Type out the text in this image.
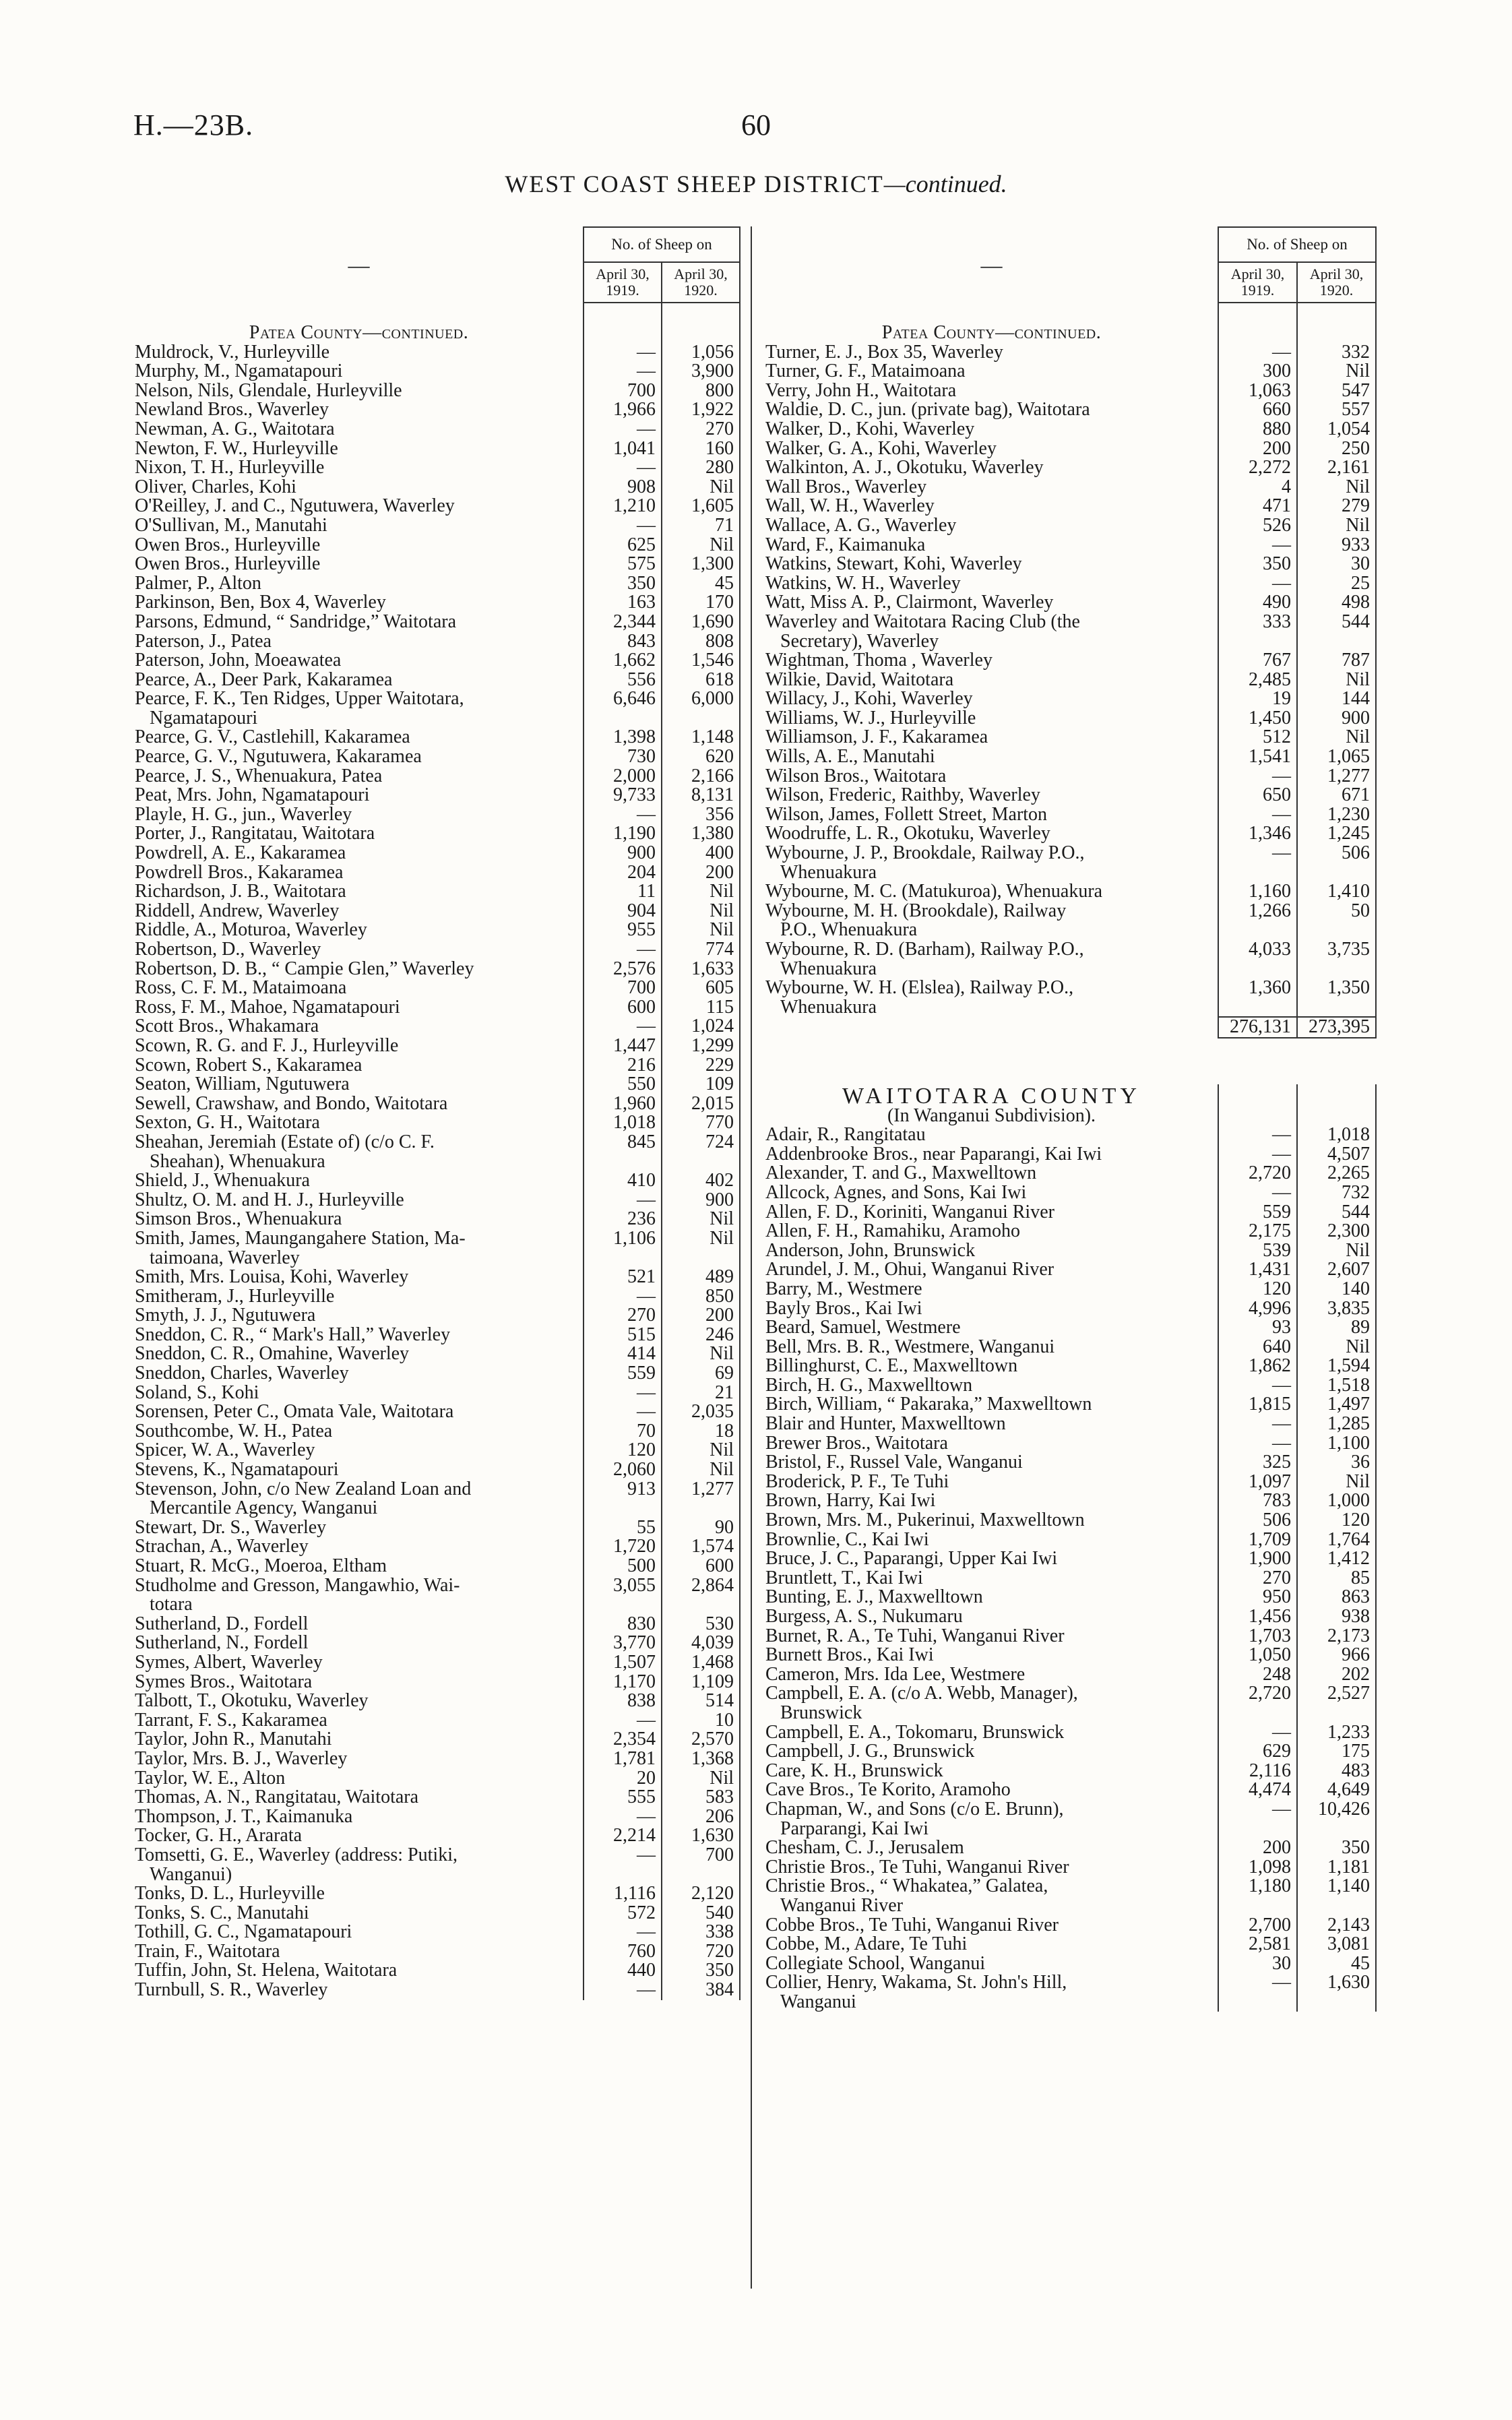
H.—23B.	60
WEST COAST SHEEP DISTRICT—continued.
—	No. of Sheep on	
	April 30,
1919.	April 30,
1920.

Patea County—continued.		

Muldrock, V., Hurleyville	—	1,056

Murphy, M., Ngamatapouri	—	3,900

Nelson, Nils, Glendale, Hurleyville	700	800

Newland Bros., Waverley	1,966	1,922

Newman, A. G., Waitotara	—	270

Newton, F. W., Hurleyville	1,041	160

Nixon, T. H., Hurleyville	—	280

Oliver, Charles, Kohi	908	Nil

O'Reilley, J. and C., Ngutuwera, Waverley	1,210	1,605

O'Sullivan, M., Manutahi	—	71

Owen Bros., Hurleyville	625	Nil

Owen Bros., Hurleyville	575	1,300

Palmer, P., Alton	350	45

Parkinson, Ben, Box 4, Waverley	163	170

Parsons, Edmund, “ Sandridge,” Waitotara	2,344	1,690

Paterson, J., Patea	843	808

Paterson, John, Moeawatea	1,662	1,546

Pearce, A., Deer Park, Kakaramea	556	618

Pearce, F. K., Ten Ridges, Upper Waitotara,
Ngamatapouri	6,646	6,000

Pearce, G. V., Castlehill, Kakaramea	1,398	1,148

Pearce, G. V., Ngutuwera, Kakaramea	730	620

Pearce, J. S., Whenuakura, Patea	2,000	2,166

Peat, Mrs. John, Ngamatapouri	9,733	8,131

Playle, H. G., jun., Waverley	—	356

Porter, J., Rangitatau, Waitotara	1,190	1,380

Powdrell, A. E., Kakaramea	900	400

Powdrell Bros., Kakaramea	204	200

Richardson, J. B., Waitotara	11	Nil

Riddell, Andrew, Waverley	904	Nil

Riddle, A., Moturoa, Waverley	955	Nil

Robertson, D., Waverley	—	774

Robertson, D. B., “ Campie Glen,” Waverley	2,576	1,633

Ross, C. F. M., Mataimoana	700	605

Ross, F. M., Mahoe, Ngamatapouri	600	115

Scott Bros., Whakamara	—	1,024

Scown, R. G. and F. J., Hurleyville	1,447	1,299

Scown, Robert S., Kakaramea	216	229

Seaton, William, Ngutuwera	550	109

Sewell, Crawshaw, and Bondo, Waitotara	1,960	2,015

Sexton, G. H., Waitotara	1,018	770

Sheahan, Jeremiah (Estate of) (c/o C. F.
Sheahan), Whenuakura	845	724

Shield, J., Whenuakura	410	402

Shultz, O. M. and H. J., Hurleyville	—	900

Simson Bros., Whenuakura	236	Nil

Smith, James, Maungangahere Station, Ma-
taimoana, Waverley	1,106	Nil

Smith, Mrs. Louisa, Kohi, Waverley	521	489

Smitheram, J., Hurleyville	—	850

Smyth, J. J., Ngutuwera	270	200

Sneddon, C. R., “ Mark's Hall,” Waverley	515	246

Sneddon, C. R., Omahine, Waverley	414	Nil

Sneddon, Charles, Waverley	559	69

Soland, S., Kohi	—	21

Sorensen, Peter C., Omata Vale, Waitotara	—	2,035

Southcombe, W. H., Patea	70	18

Spicer, W. A., Waverley	120	Nil

Stevens, K., Ngamatapouri	2,060	Nil

Stevenson, John, c/o New Zealand Loan and
Mercantile Agency, Wanganui	913	1,277

Stewart, Dr. S., Waverley	55	90

Strachan, A., Waverley	1,720	1,574

Stuart, R. McG., Moeroa, Eltham	500	600

Studholme and Gresson, Mangawhio, Wai-
totara	3,055	2,864

Sutherland, D., Fordell	830	530

Sutherland, N., Fordell	3,770	4,039

Symes, Albert, Waverley	1,507	1,468

Symes Bros., Waitotara	1,170	1,109

Talbott, T., Okotuku, Waverley	838	514

Tarrant, F. S., Kakaramea	—	10

Taylor, John R., Manutahi	2,354	2,570

Taylor, Mrs. B. J., Waverley	1,781	1,368

Taylor, W. E., Alton	20	Nil

Thomas, A. N., Rangitatau, Waitotara	555	583

Thompson, J. T., Kaimanuka	—	206

Tocker, G. H., Ararata	2,214	1,630

Tomsetti, G. E., Waverley (address: Putiki,
Wanganui)	—	700

Tonks, D. L., Hurleyville	1,116	2,120

Tonks, S. C., Manutahi	572	540

Tothill, G. C., Ngamatapouri	—	338

Train, F., Waitotara	760	720

Tuffin, John, St. Helena, Waitotara	440	350

Turnbull, S. R., Waverley	—	384
—	No. of Sheep on	
	April 30,
1919.	April 30,
1920.

Patea County—continued.		

Turner, E. J., Box 35, Waverley	—	332

Turner, G. F., Mataimoana	300	Nil

Verry, John H., Waitotara	1,063	547

Waldie, D. C., jun. (private bag), Waitotara	660	557

Walker, D., Kohi, Waverley	880	1,054

Walker, G. A., Kohi, Waverley	200	250

Walkinton, A. J., Okotuku, Waverley	2,272	2,161

Wall Bros., Waverley	4	Nil

Wall, W. H., Waverley	471	279

Wallace, A. G., Waverley	526	Nil

Ward, F., Kaimanuka	—	933

Watkins, Stewart, Kohi, Waverley	350	30

Watkins, W. H., Waverley	—	25

Watt, Miss A. P., Clairmont, Waverley	490	498

Waverley and Waitotara Racing Club (the
Secretary), Waverley	333	544

Wightman, Thoma , Waverley	767	787

Wilkie, David, Waitotara	2,485	Nil

Willacy, J., Kohi, Waverley	19	144

Williams, W. J., Hurleyville	1,450	900

Williamson, J. F., Kakaramea	512	Nil

Wills, A. E., Manutahi	1,541	1,065

Wilson Bros., Waitotara	—	1,277

Wilson, Frederic, Raithby, Waverley	650	671

Wilson, James, Follett Street, Marton	—	1,230

Woodruffe, L. R., Okotuku, Waverley	1,346	1,245

Wybourne, J. P., Brookdale, Railway P.O.,
Whenuakura	—	506

Wybourne, M. C. (Matukuroa), Whenuakura	1,160	1,410

Wybourne, M. H. (Brookdale), Railway
P.O., Whenuakura	1,266	50

Wybourne, R. D. (Barham), Railway P.O.,
Whenuakura	4,033	3,735

Wybourne, W. H. (Elslea), Railway P.O.,
Whenuakura	1,360	1,350
	276,131	273,395

WAITOTARA COUNTY		
(In Wanganui Subdivision).		

Adair, R., Rangitatau	—	1,018

Addenbrooke Bros., near Paparangi, Kai Iwi	—	4,507

Alexander, T. and G., Maxwelltown	2,720	2,265

Allcock, Agnes, and Sons, Kai Iwi	—	732

Allen, F. D., Koriniti, Wanganui River	559	544

Allen, F. H., Ramahiku, Aramoho	2,175	2,300

Anderson, John, Brunswick	539	Nil

Arundel, J. M., Ohui, Wanganui River	1,431	2,607

Barry, M., Westmere	120	140

Bayly Bros., Kai Iwi	4,996	3,835

Beard, Samuel, Westmere	93	89

Bell, Mrs. B. R., Westmere, Wanganui	640	Nil

Billinghurst, C. E., Maxwelltown	1,862	1,594

Birch, H. G., Maxwelltown	—	1,518

Birch, William, “ Pakaraka,” Maxwelltown	1,815	1,497

Blair and Hunter, Maxwelltown	—	1,285

Brewer Bros., Waitotara	—	1,100

Bristol, F., Russel Vale, Wanganui	325	36

Broderick, P. F., Te Tuhi	1,097	Nil

Brown, Harry, Kai Iwi	783	1,000

Brown, Mrs. M., Pukerinui, Maxwelltown	506	120

Brownlie, C., Kai Iwi	1,709	1,764

Bruce, J. C., Paparangi, Upper Kai Iwi	1,900	1,412

Bruntlett, T., Kai Iwi	270	85

Bunting, E. J., Maxwelltown	950	863

Burgess, A. S., Nukumaru	1,456	938

Burnet, R. A., Te Tuhi, Wanganui River	1,703	2,173

Burnett Bros., Kai Iwi	1,050	966

Cameron, Mrs. Ida Lee, Westmere	248	202

Campbell, E. A. (c/o A. Webb, Manager),
Brunswick	2,720	2,527

Campbell, E. A., Tokomaru, Brunswick	—	1,233

Campbell, J. G., Brunswick	629	175

Care, K. H., Brunswick	2,116	483

Cave Bros., Te Korito, Aramoho	4,474	4,649

Chapman, W., and Sons (c/o E. Brunn),
Parparangi, Kai Iwi	—	10,426

Chesham, C. J., Jerusalem	200	350

Christie Bros., Te Tuhi, Wanganui River	1,098	1,181

Christie Bros., “ Whakatea,” Galatea,
Wanganui River	1,180	1,140

Cobbe Bros., Te Tuhi, Wanganui River	2,700	2,143

Cobbe, M., Adare, Te Tuhi	2,581	3,081

Collegiate School, Wanganui	30	45

Collier, Henry, Wakama, St. John's Hill,
Wanganui	—	1,630
